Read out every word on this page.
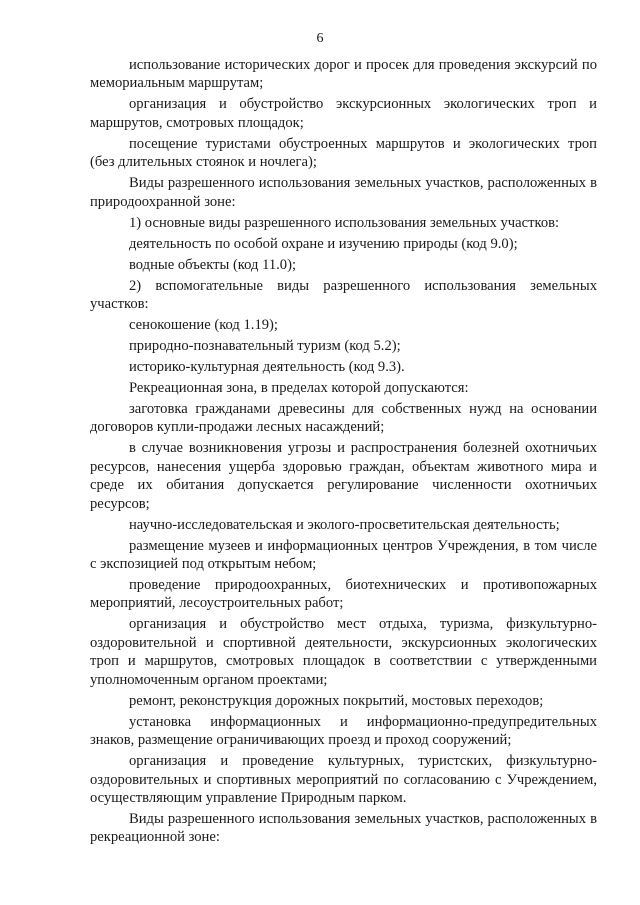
6

использование исторических дорог и просек для проведения экскурсий по мемориальным маршрутам;

организация и обустройство экскурсионных экологических троп и маршрутов, смотровых площадок;

посещение туристами обустроенных маршрутов и экологических троп (без длительных стоянок и ночлега);

Виды разрешенного использования земельных участков, расположенных в природоохранной зоне:

1) основные виды разрешенного использования земельных участков:

деятельность по особой охране и изучению природы (код 9.0);

водные объекты (код 11.0);

2) вспомогательные виды разрешенного использования земельных участков:

сенокошение (код 1.19);

природно-познавательный туризм (код 5.2);

историко-культурная деятельность (код 9.3).

Рекреационная зона, в пределах которой допускаются:

заготовка гражданами древесины для собственных нужд на основании договоров купли-продажи лесных насаждений;

в случае возникновения угрозы и распространения болезней охотничьих ресурсов, нанесения ущерба здоровью граждан, объектам животного мира и среде их обитания допускается регулирование численности охотничьих ресурсов;

научно-исследовательская и эколого-просветительская деятельность;

размещение музеев и информационных центров Учреждения, в том числе с экспозицией под открытым небом;

проведение природоохранных, биотехнических и противопожарных мероприятий, лесоустроительных работ;

организация и обустройство мест отдыха, туризма, физкультурно-оздоровительной и спортивной деятельности, экскурсионных экологических троп и маршрутов, смотровых площадок в соответствии с утвержденными уполномоченным органом проектами;

ремонт, реконструкция дорожных покрытий, мостовых переходов;

установка информационных и информационно-предупредительных знаков, размещение ограничивающих проезд и проход сооружений;

организация и проведение культурных, туристских, физкультурно-оздоровительных и спортивных мероприятий по согласованию с Учреждением, осуществляющим управление Природным парком.

Виды разрешенного использования земельных участков, расположенных в рекреационной зоне:
